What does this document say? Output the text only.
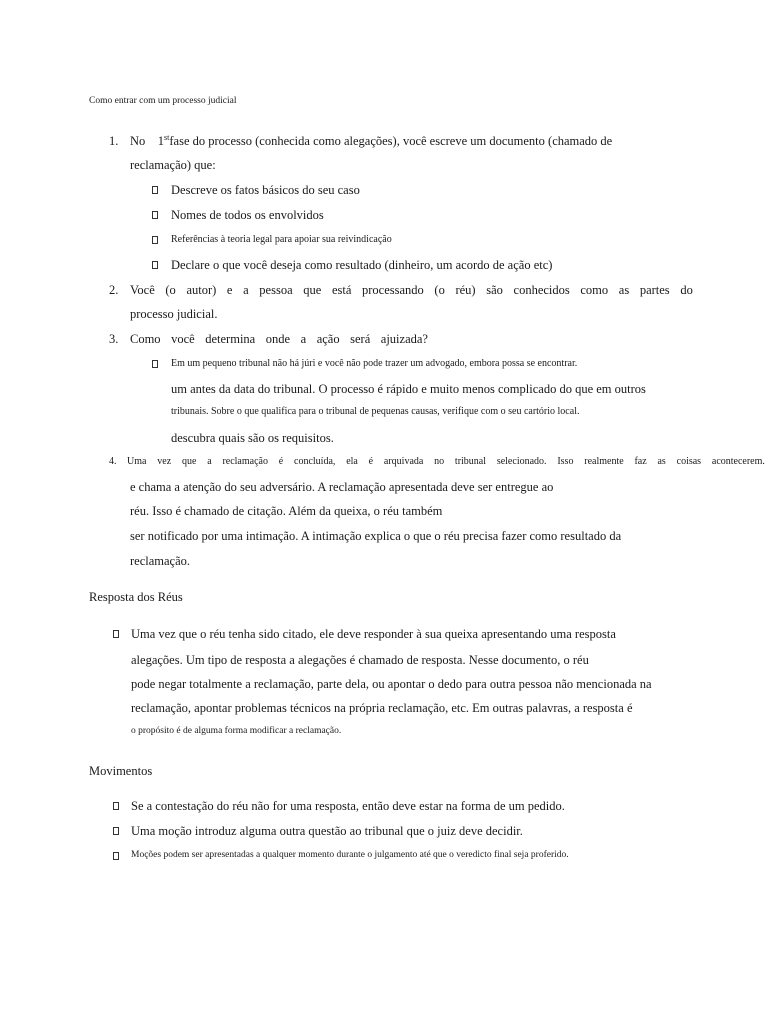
Como entrar com um processo judicial
1. No 1stfase do processo (conhecida como alegações), você escreve um documento (chamado de
reclamação) que:
Descreve os fatos básicos do seu caso
Nomes de todos os envolvidos
Referências à teoria legal para apoiar sua reivindicação
Declare o que você deseja como resultado (dinheiro, um acordo de ação etc)
2. Você (o autor) e a pessoa que está processando (o réu) são conhecidos como as partes do
processo judicial.
3. Como você determina onde a ação será ajuizada?
Em um pequeno tribunal não há júri e você não pode trazer um advogado, embora possa se encontrar.
um antes da data do tribunal. O processo é rápido e muito menos complicado do que em outros
tribunais. Sobre o que qualifica para o tribunal de pequenas causas, verifique com o seu cartório local.
descubra quais são os requisitos.
4. Uma vez que a reclamação é concluída, ela é arquivada no tribunal selecionado. Isso realmente faz as coisas acontecerem.
e chama a atenção do seu adversário. A reclamação apresentada deve ser entregue ao
réu. Isso é chamado de citação. Além da queixa, o réu também
ser notificado por uma intimação. A intimação explica o que o réu precisa fazer como resultado da
reclamação.
Resposta dos Réus
Uma vez que o réu tenha sido citado, ele deve responder à sua queixa apresentando uma resposta
alegações. Um tipo de resposta a alegações é chamado de resposta. Nesse documento, o réu
pode negar totalmente a reclamação, parte dela, ou apontar o dedo para outra pessoa não mencionada na
reclamação, apontar problemas técnicos na própria reclamação, etc. Em outras palavras, a resposta é
o propósito é de alguma forma modificar a reclamação.
Movimentos
Se a contestação do réu não for uma resposta, então deve estar na forma de um pedido.
Uma moção introduz alguma outra questão ao tribunal que o juiz deve decidir.
Moções podem ser apresentadas a qualquer momento durante o julgamento até que o veredicto final seja proferido.
